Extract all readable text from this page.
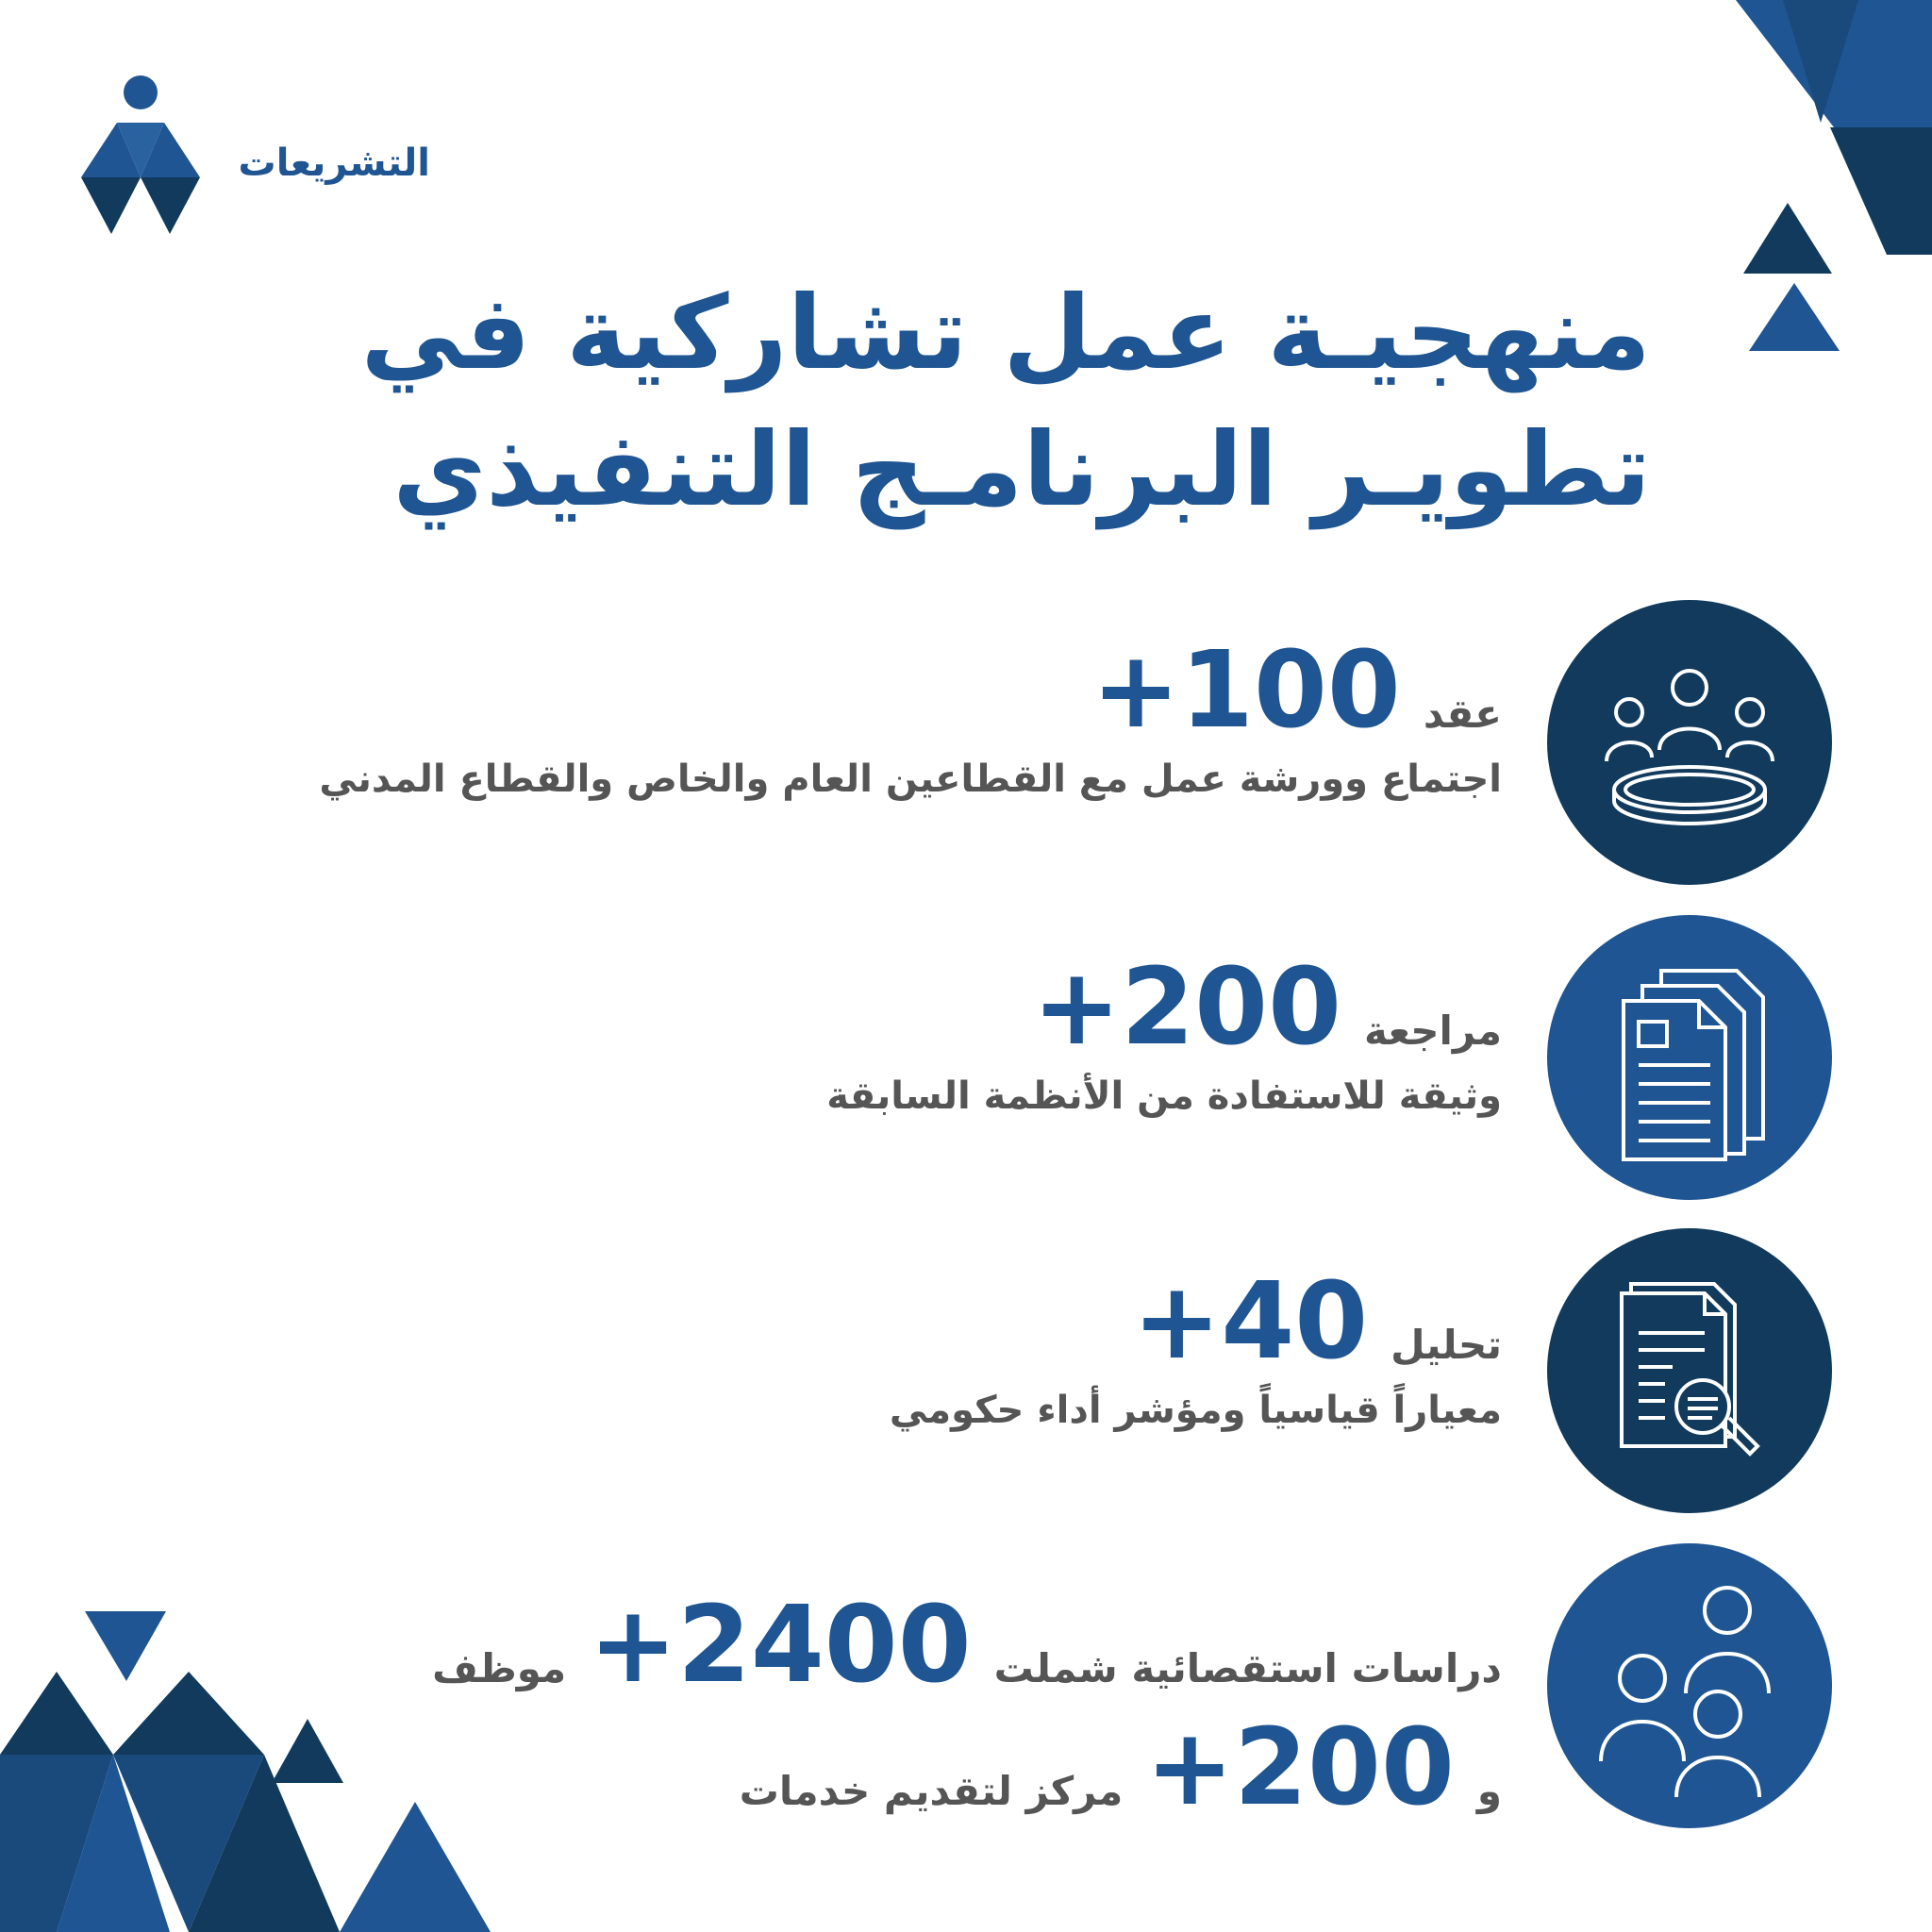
التشريعات
منهجيـة عمل تشاركية في
تطويـر البرنامـج التنفيذي
عقد
+100
اجتماع وورشة عمل مع القطاعين العام والخاص والقطاع المدني
مراجعة
+200
وثيقة للاستفادة من الأنظمة السابقة
تحليل
+40
معياراً قياسياً ومؤشر أداء حكومي
دراسات استقصائية شملت
+2400
موظف
و
+200
مركز لتقديم خدمات
